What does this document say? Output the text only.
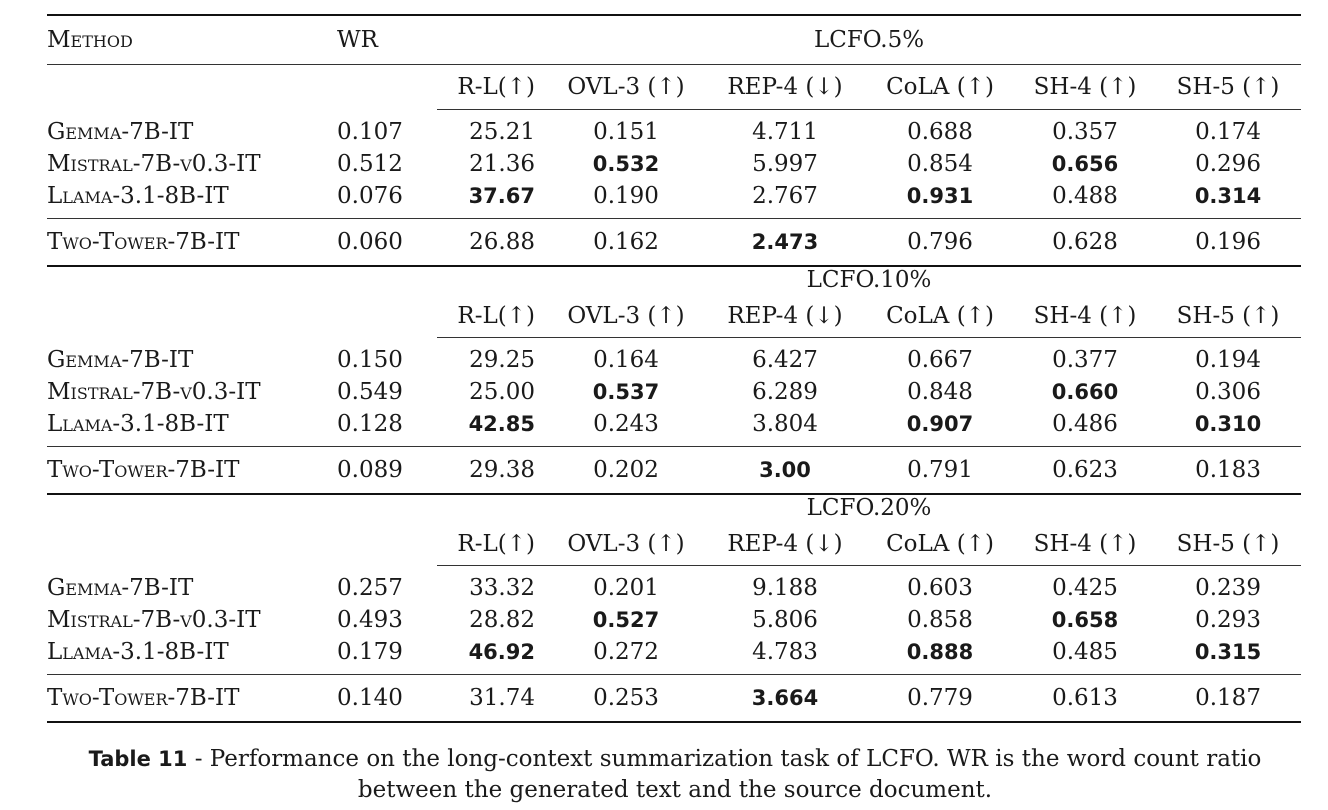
Method	WR	LCFO.5%					
		R-L(↑)	OVL-3 (↑)	REP-4 (↓)	CoLA (↑)	SH-4 (↑)	SH-5 (↑)

Gemma-7B-IT	0.107	25.21	0.151	4.711	0.688	0.357	0.174
Mistral-7B-v0.3-IT	0.512	21.36	0.532	5.997	0.854	0.656	0.296
Llama-3.1-8B-IT	0.076	37.67	0.190	2.767	0.931	0.488	0.314

Two-Tower-7B-IT	0.060	26.88	0.162	2.473	0.796	0.628	0.196
		LCFO.10%					
		R-L(↑)	OVL-3 (↑)	REP-4 (↓)	CoLA (↑)	SH-4 (↑)	SH-5 (↑)

Gemma-7B-IT	0.150	29.25	0.164	6.427	0.667	0.377	0.194
Mistral-7B-v0.3-IT	0.549	25.00	0.537	6.289	0.848	0.660	0.306
Llama-3.1-8B-IT	0.128	42.85	0.243	3.804	0.907	0.486	0.310

Two-Tower-7B-IT	0.089	29.38	0.202	3.00	0.791	0.623	0.183
		LCFO.20%					
		R-L(↑)	OVL-3 (↑)	REP-4 (↓)	CoLA (↑)	SH-4 (↑)	SH-5 (↑)

Gemma-7B-IT	0.257	33.32	0.201	9.188	0.603	0.425	0.239
Mistral-7B-v0.3-IT	0.493	28.82	0.527	5.806	0.858	0.658	0.293
Llama-3.1-8B-IT	0.179	46.92	0.272	4.783	0.888	0.485	0.315

Two-Tower-7B-IT	0.140	31.74	0.253	3.664	0.779	0.613	0.187
Table 11 - Performance on the long-context summarization task of LCFO. WR is the word count ratio between the generated text and the source document.
